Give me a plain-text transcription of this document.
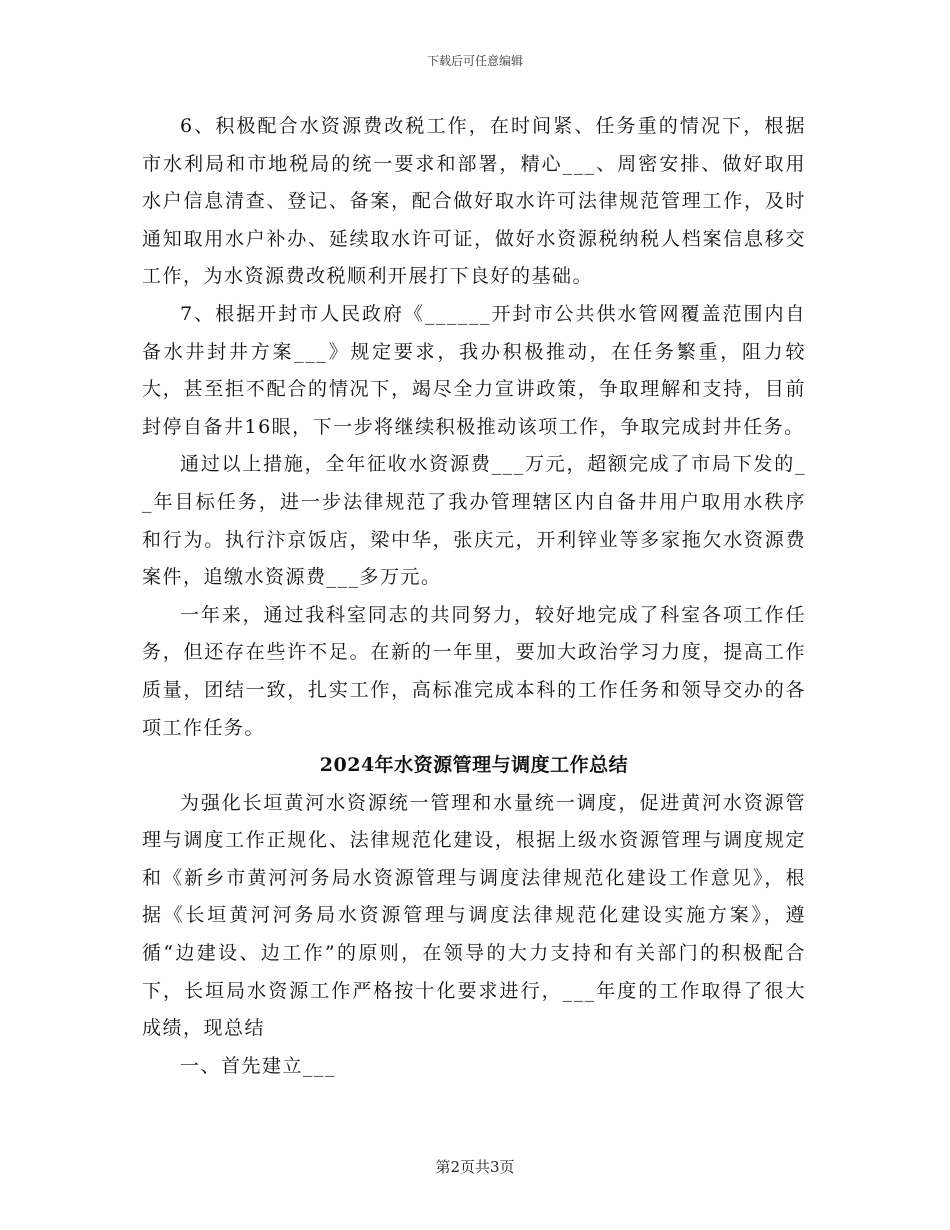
下载后可任意编辑

6、积极配合水资源费改税工作，在时间紧、任务重的情况下，根据市水利局和市地税局的统一要求和部署，精心___、周密安排、做好取用水户信息清查、登记、备案，配合做好取水许可法律规范管理工作，及时通知取用水户补办、延续取水许可证，做好水资源税纳税人档案信息移交工作，为水资源费改税顺利开展打下良好的基础。

7、根据开封市人民政府《______开封市公共供水管网覆盖范围内自备水井封井方案___》规定要求，我办积极推动，在任务繁重，阻力较大，甚至拒不配合的情况下，竭尽全力宣讲政策，争取理解和支持，目前封停自备井16眼，下一步将继续积极推动该项工作，争取完成封井任务。

通过以上措施，全年征收水资源费___万元，超额完成了市局下发的__年目标任务，进一步法律规范了我办管理辖区内自备井用户取用水秩序和行为。执行汴京饭店，梁中华，张庆元，开利锌业等多家拖欠水资源费案件，追缴水资源费___多万元。

一年来，通过我科室同志的共同努力，较好地完成了科室各项工作任务，但还存在些许不足。在新的一年里，要加大政治学习力度，提高工作质量，团结一致，扎实工作，高标准完成本科的工作任务和领导交办的各项工作任务。

2024年水资源管理与调度工作总结

为强化长垣黄河水资源统一管理和水量统一调度，促进黄河水资源管理与调度工作正规化、法律规范化建设，根据上级水资源管理与调度规定和《新乡市黄河河务局水资源管理与调度法律规范化建设工作意见》，根据《长垣黄河河务局水资源管理与调度法律规范化建设实施方案》，遵循“边建设、边工作”的原则，在领导的大力支持和有关部门的积极配合下，长垣局水资源工作严格按十化要求进行，___年度的工作取得了很大成绩，现总结

一、首先建立___

第2页共3页
